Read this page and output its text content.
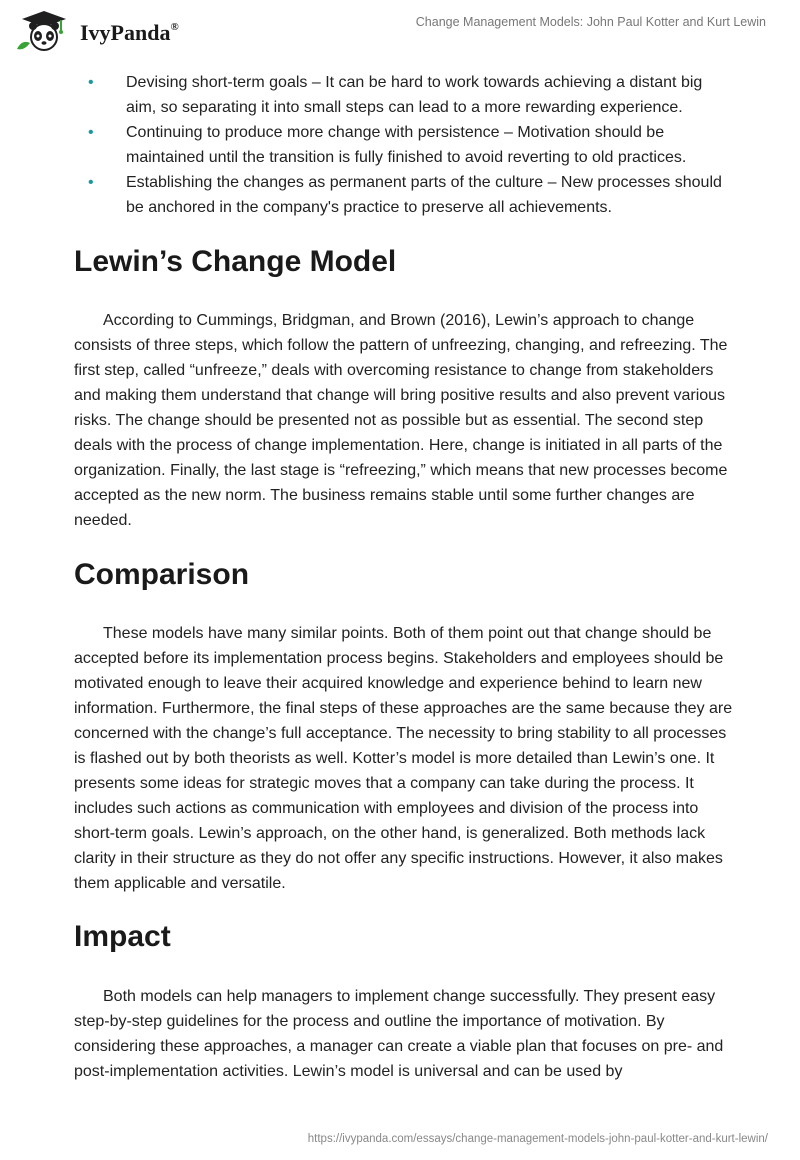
IvyPanda®	Change Management Models: John Paul Kotter and Kurt Lewin
• Devising short-term goals – It can be hard to work towards achieving a distant big aim, so separating it into small steps can lead to a more rewarding experience.
• Continuing to produce more change with persistence – Motivation should be maintained until the transition is fully finished to avoid reverting to old practices.
• Establishing the changes as permanent parts of the culture – New processes should be anchored in the company's practice to preserve all achievements.
Lewin’s Change Model

According to Cummings, Bridgman, and Brown (2016), Lewin’s approach to change consists of three steps, which follow the pattern of unfreezing, changing, and refreezing. The first step, called “unfreeze,” deals with overcoming resistance to change from stakeholders and making them understand that change will bring positive results and also prevent various risks. The change should be presented not as possible but as essential. The second step deals with the process of change implementation. Here, change is initiated in all parts of the organization. Finally, the last stage is “refreezing,” which means that new processes become accepted as the new norm. The business remains stable until some further changes are needed.

Comparison

These models have many similar points. Both of them point out that change should be accepted before its implementation process begins. Stakeholders and employees should be motivated enough to leave their acquired knowledge and experience behind to learn new information. Furthermore, the final steps of these approaches are the same because they are concerned with the change’s full acceptance. The necessity to bring stability to all processes is flashed out by both theorists as well. Kotter’s model is more detailed than Lewin’s one. It presents some ideas for strategic moves that a company can take during the process. It includes such actions as communication with employees and division of the process into short-term goals. Lewin’s approach, on the other hand, is generalized. Both methods lack clarity in their structure as they do not offer any specific instructions. However, it also makes them applicable and versatile.

Impact

Both models can help managers to implement change successfully. They present easy step-by-step guidelines for the process and outline the importance of motivation. By considering these approaches, a manager can create a viable plan that focuses on pre- and post-implementation activities. Lewin’s model is universal and can be used by

https://ivypanda.com/essays/change-management-models-john-paul-kotter-and-kurt-lewin/
